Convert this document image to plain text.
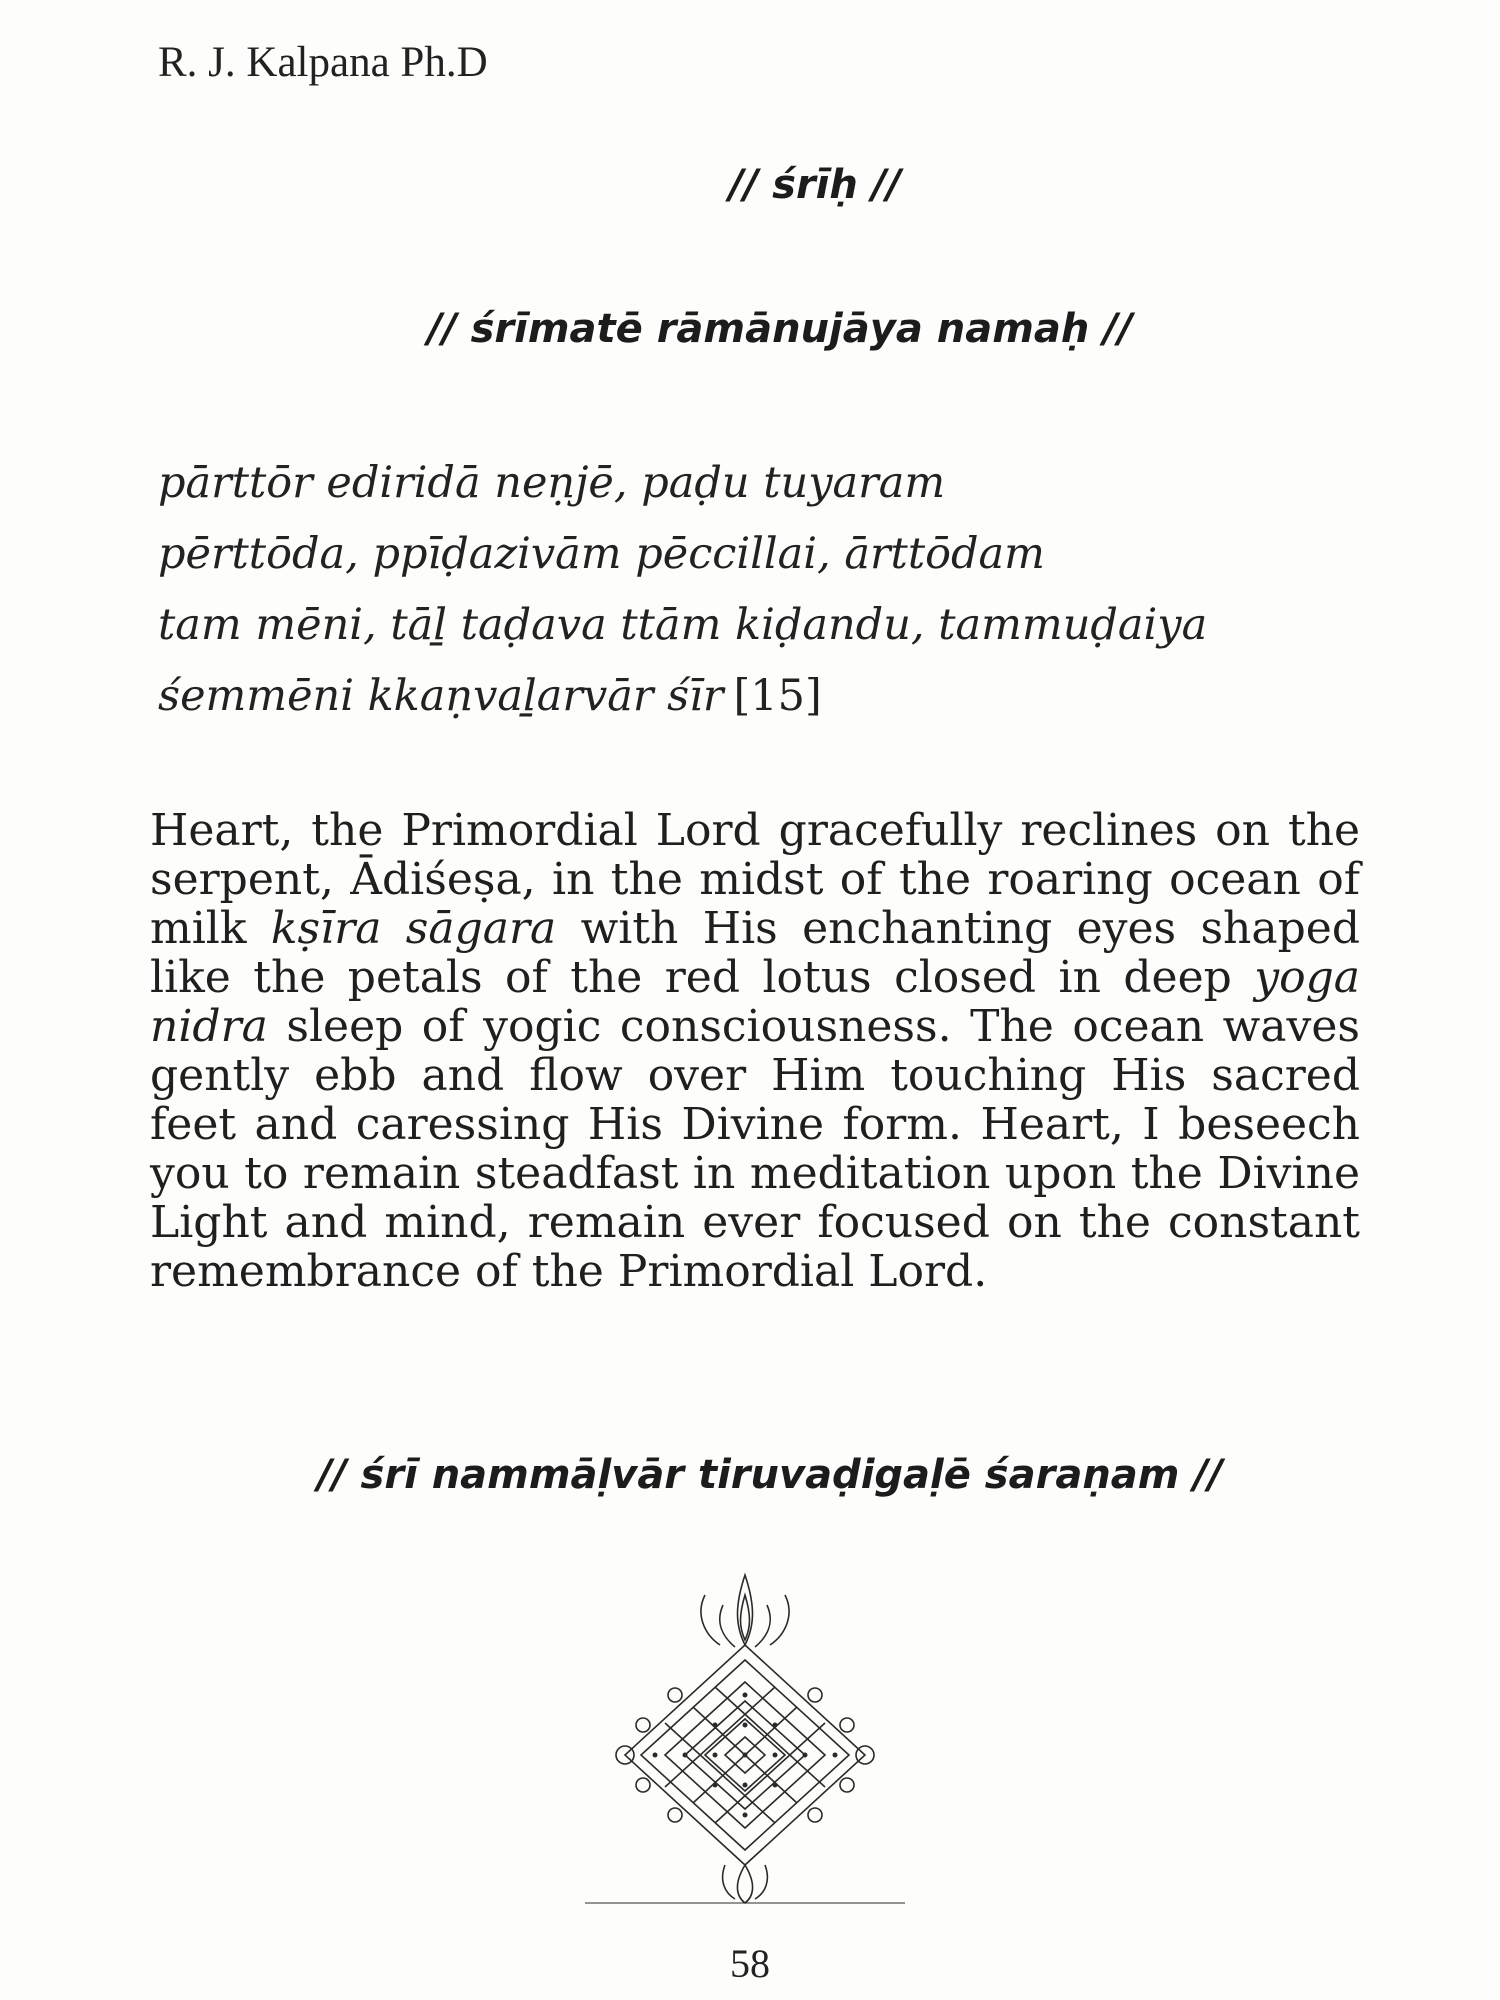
R. J. Kalpana Ph.D
// śrīḥ //
// śrīmatē rāmānujāya namaḥ //
pārttōr ediridā neṇjē, paḍu tuyaram
pērttōda, ppīḍazivām pēccillai, ārttōdam
tam mēni, tāḻ taḍava ttām kiḍandu, tammuḍaiya
śemmēni kkaṇvaḻarvār śīr [15]

Heart, the Primordial Lord gracefully reclines on the serpent, Ādiśeṣa, in the midst of the roaring ocean of milk kṣīra sāgara with His enchanting eyes shaped like the petals of the red lotus closed in deep yoga nidra sleep of yogic consciousness. The ocean waves gently ebb and flow over Him touching His sacred feet and caressing His Divine form. Heart, I beseech you to remain steadfast in meditation upon the Divine Light and mind, remain ever focused on the constant remembrance of the Primordial Lord.

// śrī nammāḷvār tiruvaḍigaḷē śaraṇam //
58
